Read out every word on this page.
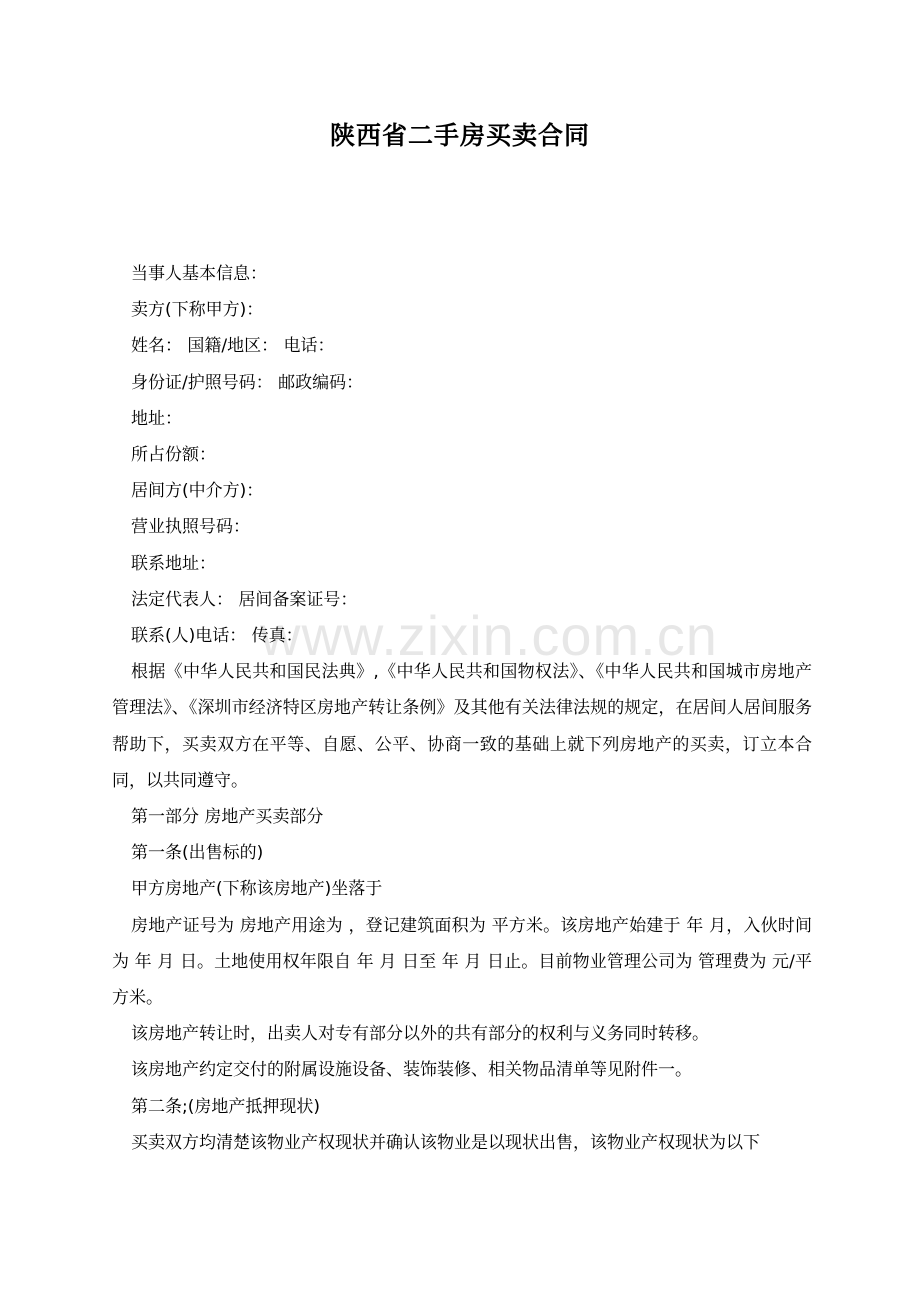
陕西省二手房买卖合同

当事人基本信息：

卖方(下称甲方)：

姓名： 国籍/地区： 电话：

身份证/护照号码： 邮政编码：

地址：

所占份额：

居间方(中介方)：

营业执照号码：

联系地址：

法定代表人： 居间备案证号：

联系(人)电话： 传真：

根据《中华人民共和国民法典》,《中华人民共和国物权法》、《中华人民共和国城市房地产管理法》、《深圳市经济特区房地产转让条例》及其他有关法律法规的规定，在居间人居间服务帮助下，买卖双方在平等、自愿、公平、协商一致的基础上就下列房地产的买卖，订立本合同，以共同遵守。

第一部分 房地产买卖部分

第一条(出售标的)

甲方房地产(下称该房地产)坐落于

房地产证号为 房地产用途为 ，登记建筑面积为 平方米。该房地产始建于 年 月，入伙时间为 年 月 日。土地使用权年限自 年 月 日至 年 月 日止。目前物业管理公司为 管理费为 元/平方米。

该房地产转让时，出卖人对专有部分以外的共有部分的权利与义务同时转移。

该房地产约定交付的附属设施设备、装饰装修、相关物品清单等见附件一。

第二条;(房地产抵押现状)

买卖双方均清楚该物业产权现状并确认该物业是以现状出售，该物业产权现状为以下

www.zixin.com.cn
